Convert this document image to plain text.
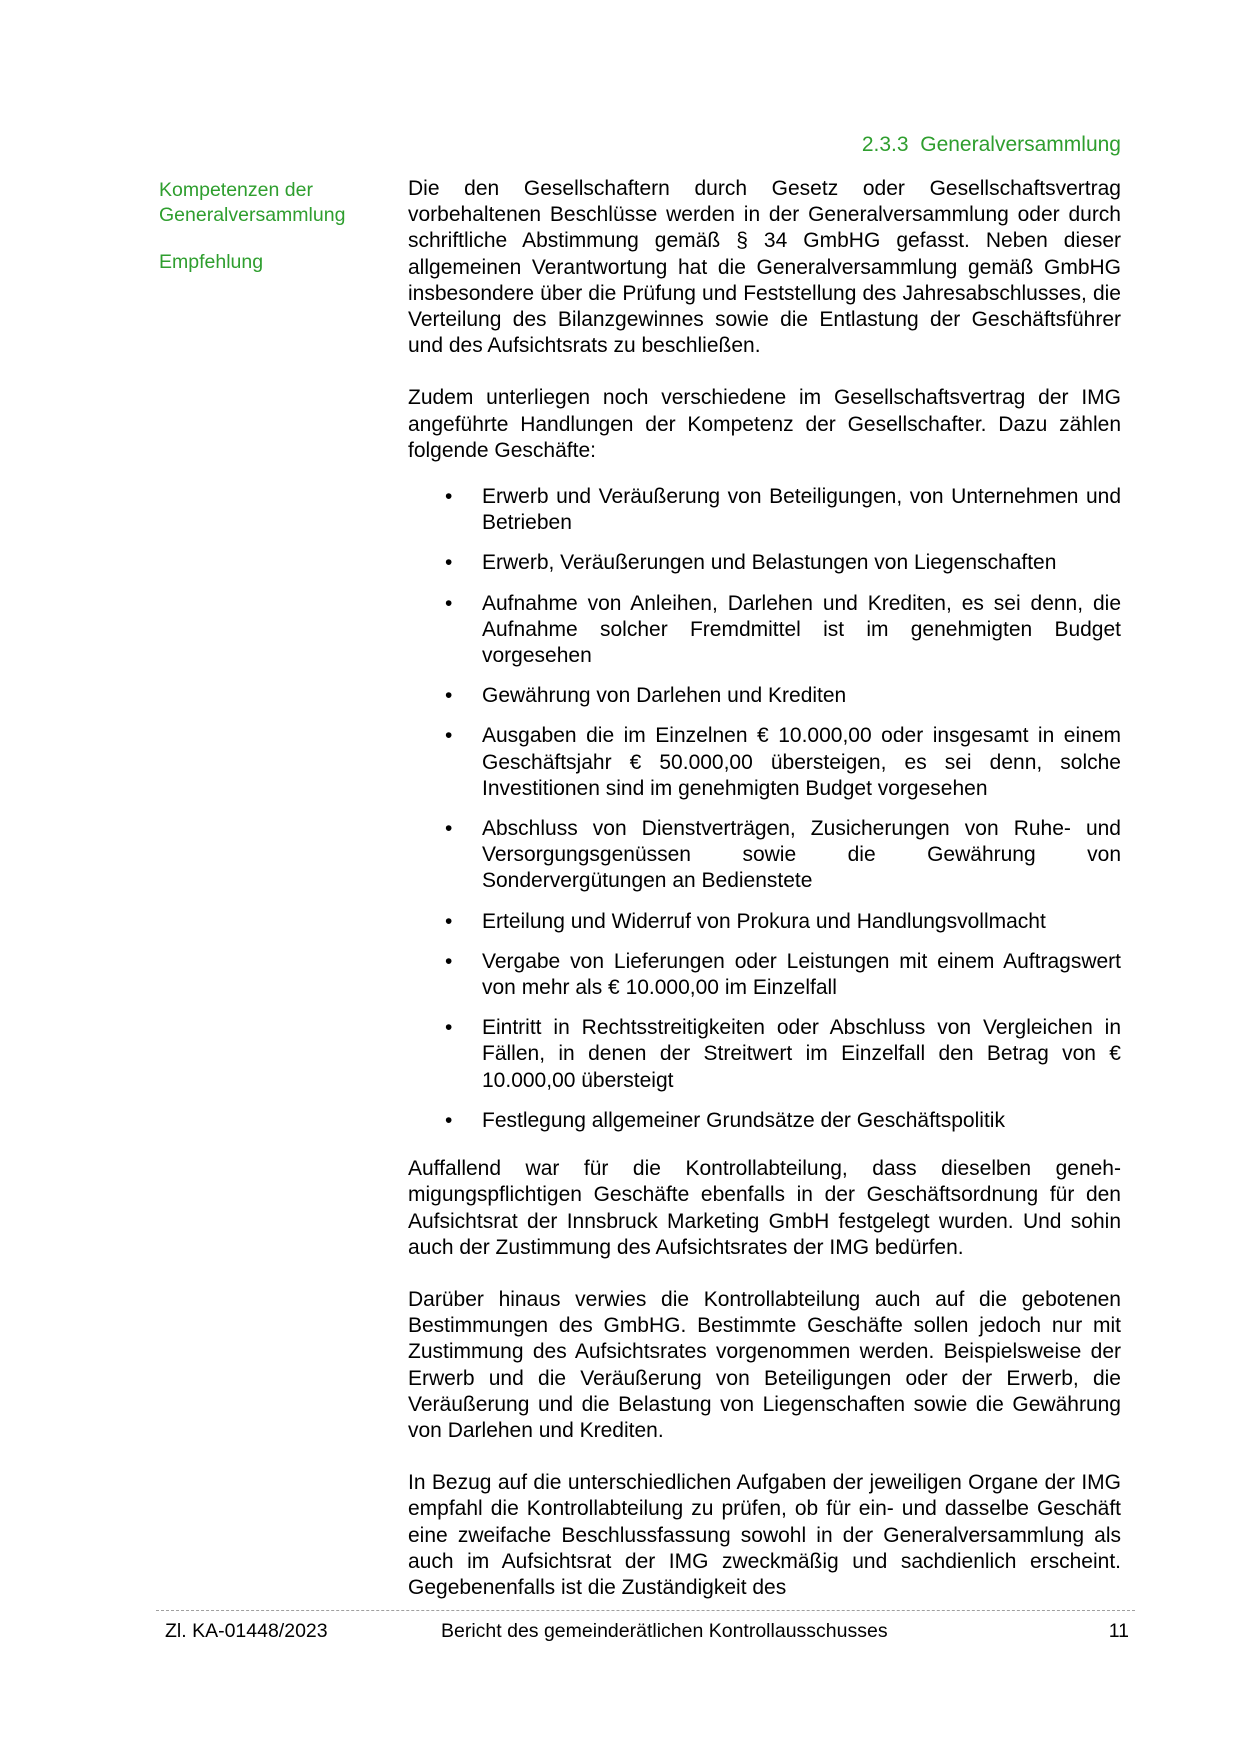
2.3.3 Generalversammlung
Kompetenzen der Generalversammlung
Empfehlung

Die den Gesellschaftern durch Gesetz oder Gesellschaftsvertrag vorbehaltenen Beschlüsse werden in der Generalversammlung oder durch schriftliche Abstimmung gemäß § 34 GmbHG gefasst. Neben dieser allgemeinen Verantwortung hat die Generalversammlung gemäß GmbHG insbesondere über die Prüfung und Feststellung des Jahresabschlusses, die Verteilung des Bilanzgewinnes sowie die Entlastung der Geschäftsführer und des Aufsichtsrats zu beschließen.

Zudem unterliegen noch verschiedene im Gesellschaftsvertrag der IMG angeführte Handlungen der Kompetenz der Gesellschafter. Dazu zählen folgende Geschäfte:

• Erwerb und Veräußerung von Beteiligungen, von Unternehmen und Betrieben
• Erwerb, Veräußerungen und Belastungen von Liegenschaften
• Aufnahme von Anleihen, Darlehen und Krediten, es sei denn, die Aufnahme solcher Fremdmittel ist im genehmigten Budget vorgesehen
• Gewährung von Darlehen und Krediten
• Ausgaben die im Einzelnen € 10.000,00 oder insgesamt in einem Geschäftsjahr € 50.000,00 übersteigen, es sei denn, solche Investitionen sind im genehmigten Budget vorgesehen
• Abschluss von Dienstverträgen, Zusicherungen von Ruhe- und Versorgungsgenüssen sowie die Gewährung von Sondervergütungen an Bedienstete
• Erteilung und Widerruf von Prokura und Handlungsvollmacht
• Vergabe von Lieferungen oder Leistungen mit einem Auftragswert von mehr als € 10.000,00 im Einzelfall
• Eintritt in Rechtsstreitigkeiten oder Abschluss von Vergleichen in Fällen, in denen der Streitwert im Einzelfall den Betrag von € 10.000,00 übersteigt
• Festlegung allgemeiner Grundsätze der Geschäftspolitik

Auffallend war für die Kontrollabteilung, dass dieselben genehmigungspflichtigen Geschäfte ebenfalls in der Geschäftsordnung für den Aufsichtsrat der Innsbruck Marketing GmbH festgelegt wurden. Und sohin auch der Zustimmung des Aufsichtsrates der IMG bedürfen.

Darüber hinaus verwies die Kontrollabteilung auch auf die gebotenen Bestimmungen des GmbHG. Bestimmte Geschäfte sollen jedoch nur mit Zustimmung des Aufsichtsrates vorgenommen werden. Beispielsweise der Erwerb und die Veräußerung von Beteiligungen oder der Erwerb, die Veräußerung und die Belastung von Liegenschaften sowie die Gewährung von Darlehen und Krediten.

In Bezug auf die unterschiedlichen Aufgaben der jeweiligen Organe der IMG empfahl die Kontrollabteilung zu prüfen, ob für ein- und dasselbe Geschäft eine zweifache Beschlussfassung sowohl in der Generalversammlung als auch im Aufsichtsrat der IMG zweckmäßig und sachdienlich erscheint. Gegebenenfalls ist die Zuständigkeit des

Zl. KA-01448/2023	Bericht des gemeinderätlichen Kontrollausschusses	11
